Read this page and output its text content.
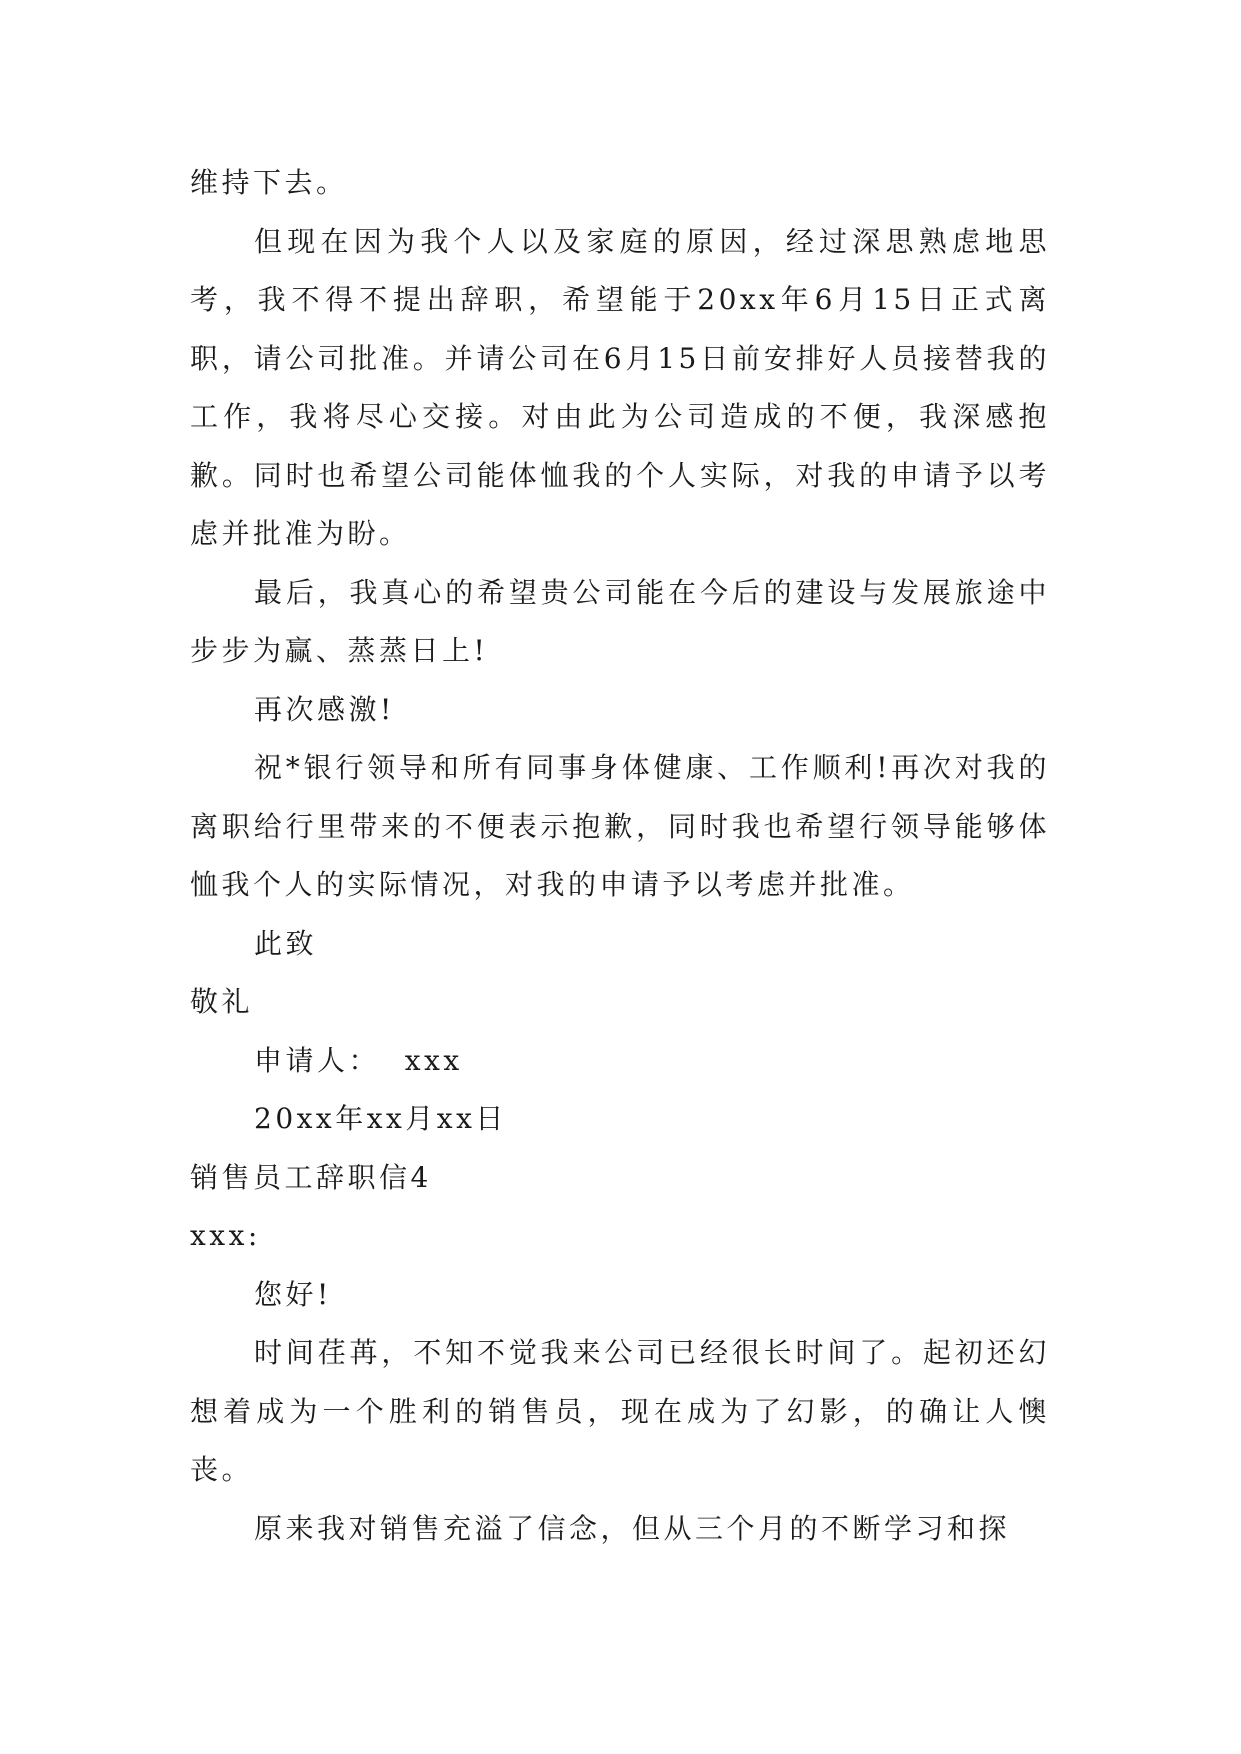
维持下去。

但现在因为我个人以及家庭的原因，经过深思熟虑地思考，我不得不提出辞职，希望能于20xx年6月15日正式离职，请公司批准。并请公司在6月15日前安排好人员接替我的工作，我将尽心交接。对由此为公司造成的不便，我深感抱歉。同时也希望公司能体恤我的个人实际，对我的申请予以考虑并批准为盼。

最后，我真心的希望贵公司能在今后的建设与发展旅途中步步为赢、蒸蒸日上!

再次感激!

祝*银行领导和所有同事身体健康、工作顺利!再次对我的离职给行里带来的不便表示抱歉，同时我也希望行领导能够体恤我个人的实际情况，对我的申请予以考虑并批准。

此致

敬礼

申请人：  xxx

20xx年xx月xx日

销售员工辞职信4

xxx:

您好!

时间荏苒，不知不觉我来公司已经很长时间了。起初还幻想着成为一个胜利的销售员，现在成为了幻影，的确让人懊丧。

原来我对销售充溢了信念，但从三个月的不断学习和探
